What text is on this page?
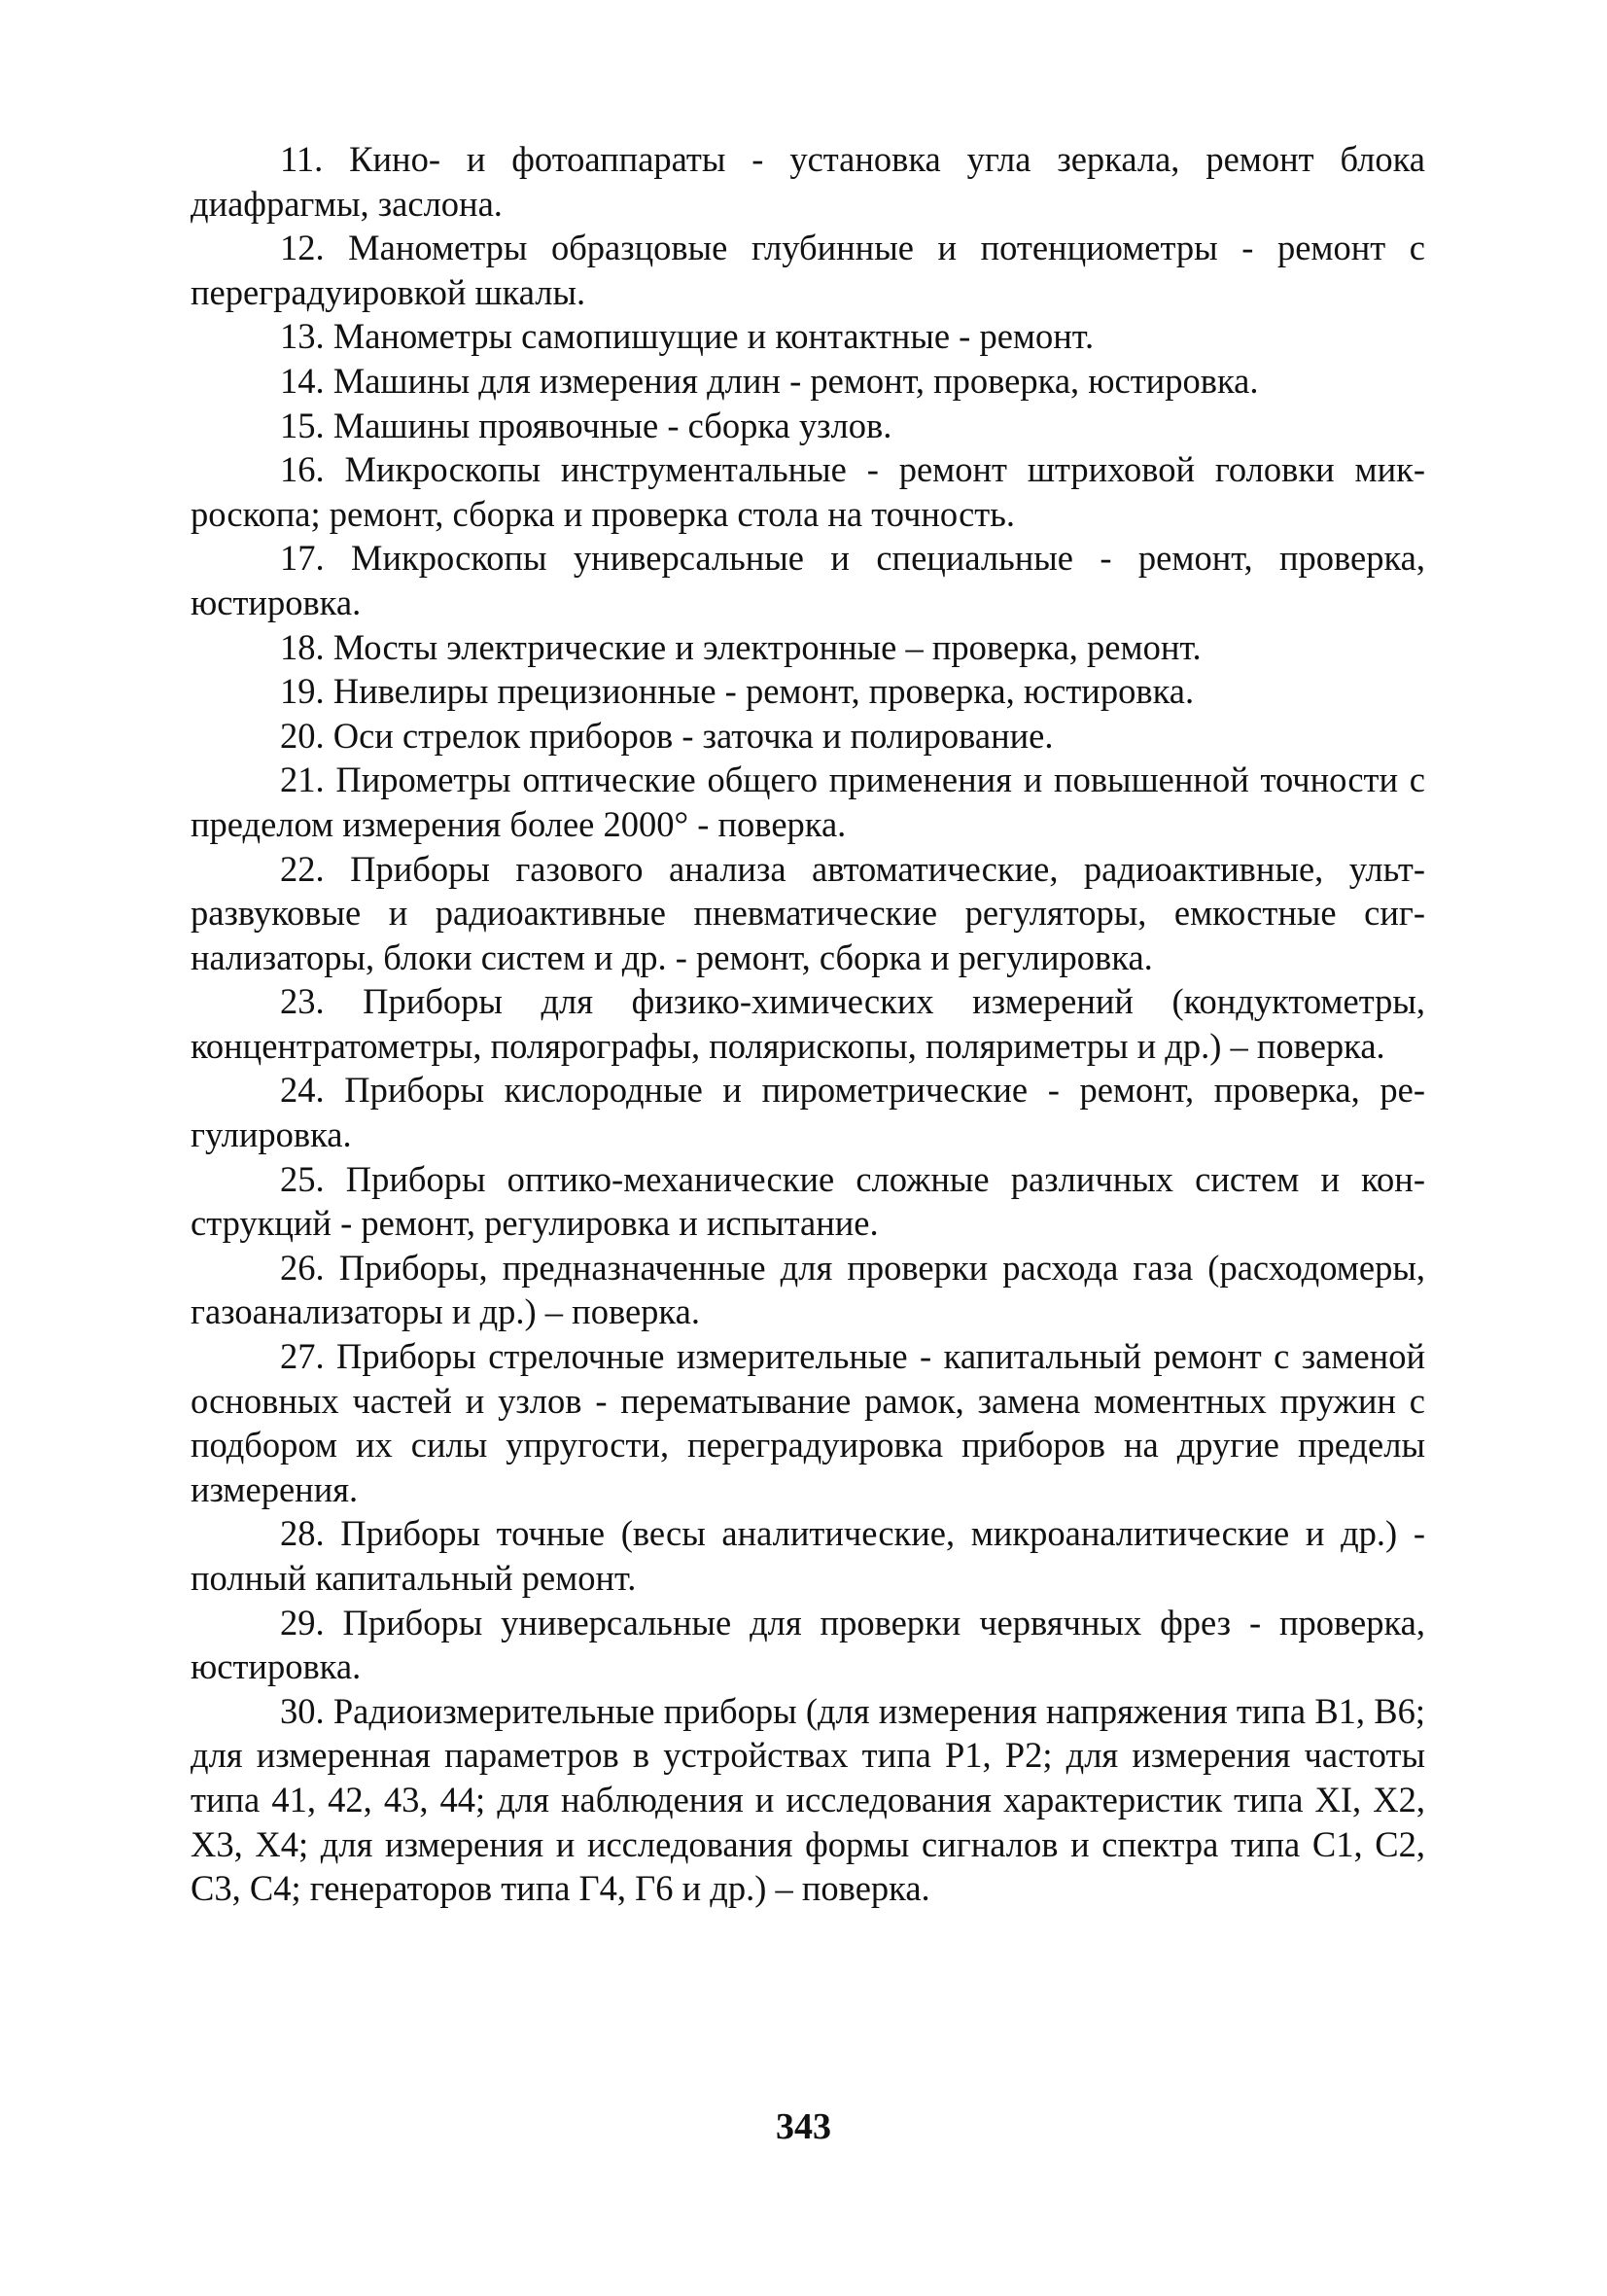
11. Кино- и фотоаппараты - установка угла зеркала, ремонт блока диафрагмы, заслона.

12. Манометры образцовые глубинные и потенциометры - ремонт с переградуировкой шкалы.

13. Манометры самопишущие и контактные - ремонт.

14. Машины для измерения длин - ремонт, проверка, юстировка.

15. Машины проявочные - сборка узлов.

16. Микроскопы инструментальные - ремонт штриховой головки микроскопа; ремонт, сборка и проверка стола на точность.

17. Микроскопы универсальные и специальные - ремонт, проверка, юстировка.

18. Мосты электрические и электронные – проверка, ремонт.

19. Нивелиры прецизионные - ремонт, проверка, юстировка.

20. Оси стрелок приборов - заточка и полирование.

21. Пирометры оптические общего применения и повышенной точности с пределом измерения более 2000° - поверка.

22. Приборы газового анализа автоматические, радиоактивные, ультразвуковые и радиоактивные пневматические регуляторы, емкостные сигнализаторы, блоки систем и др. - ремонт, сборка и регулировка.

23. Приборы для физико-химических измерений (кондуктометры, концентратометры, полярографы, полярископы, поляриметры и др.) – поверка.

24. Приборы кислородные и пирометрические - ремонт, проверка, регулировка.

25. Приборы оптико-механические сложные различных систем и конструкций - ремонт, регулировка и испытание.

26. Приборы, предназначенные для проверки расхода газа (расходомеры, газоанализаторы и др.) – поверка.

27. Приборы стрелочные измерительные - капитальный ремонт с заменой основных частей и узлов - перематывание рамок, замена моментных пружин с подбором их силы упругости, переградуировка приборов на другие пределы измерения.

28. Приборы точные (весы аналитические, микроаналитические и др.) - полный капитальный ремонт.

29. Приборы универсальные для проверки червячных фрез - проверка, юстировка.

30. Радиоизмерительные приборы (для измерения напряжения типа В1, В6; для измеренная параметров в устройствах типа Р1, Р2; для измерения частоты типа 41, 42, 43, 44; для наблюдения и исследования характеристик типа XI, X2, X3, X4; для измерения и исследования формы сигналов и спектра типа С1, С2, С3, С4; генераторов типа Г4, Г6 и др.) – поверка.

343
